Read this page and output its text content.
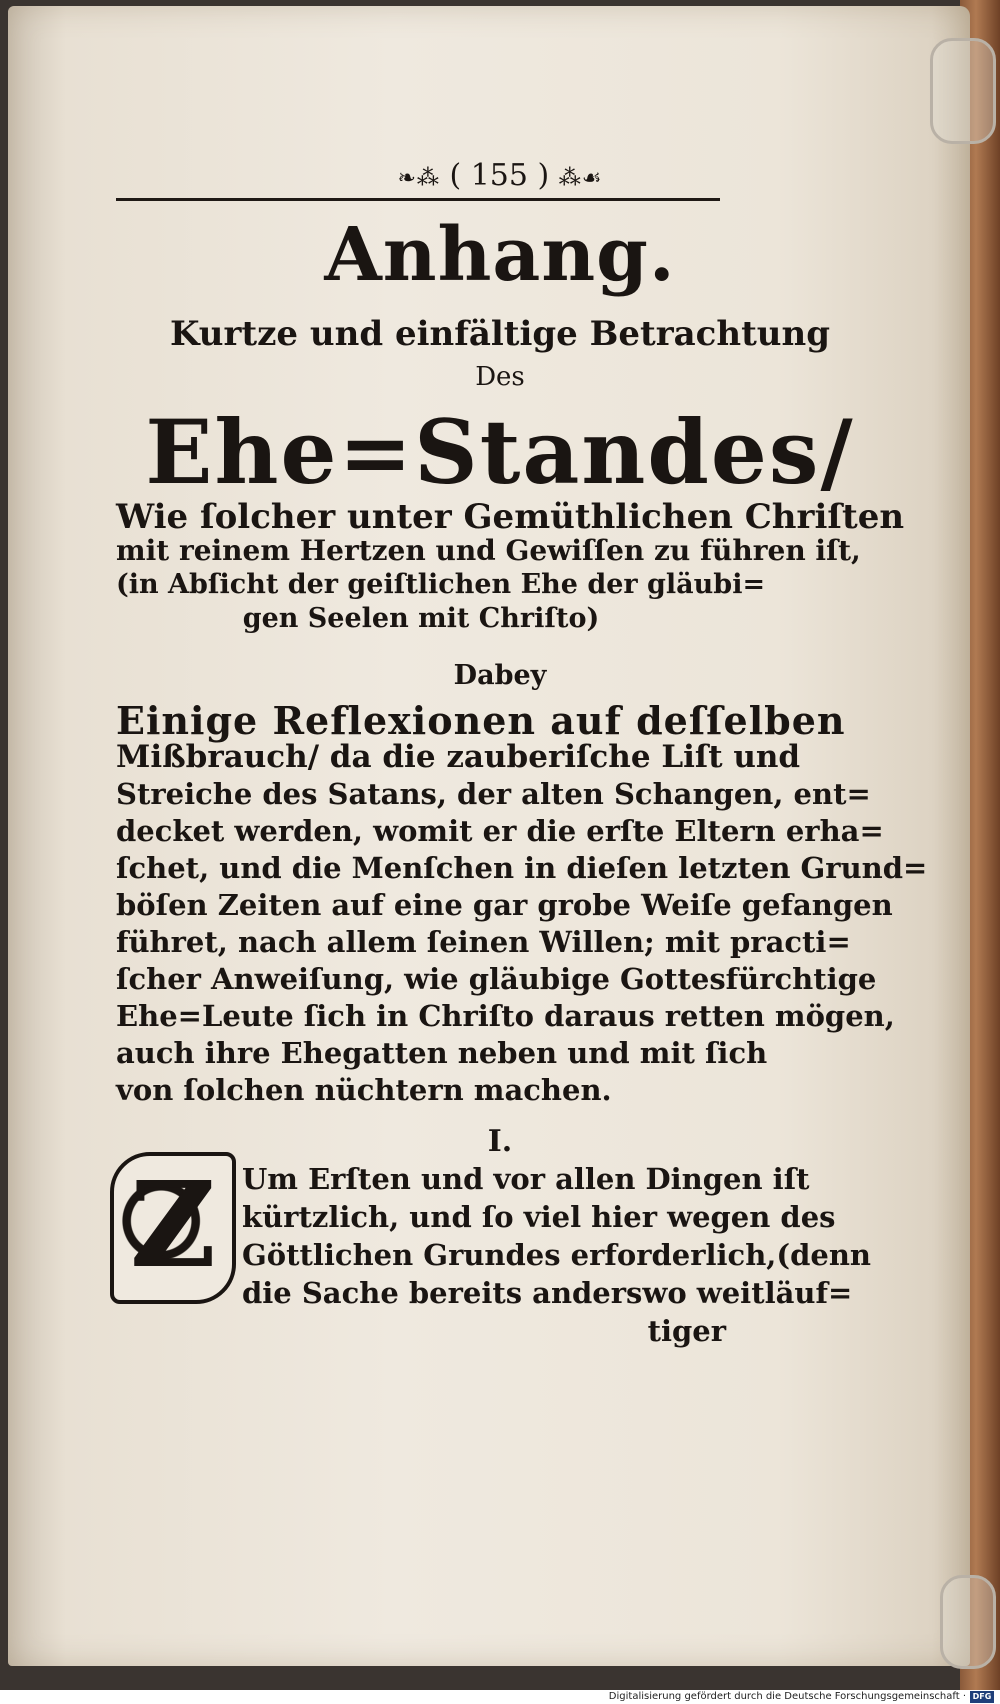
❧⁂ ( 155 ) ⁂☙
Anhang.
Kurtze und einfältige Betrachtung
Des
Ehe=Standes/
Wie ſolcher unter Gemüthlichen Chriſten
mit reinem Hertzen und Gewiſſen zu führen iſt,
(in Abſicht der geiſtlichen Ehe der gläubi=
gen Seelen mit Chriſto)
Dabey
Einige Reflexionen auf deſſelben
Mißbrauch/ da die zauberiſche Liſt und
Streiche des Satans, der alten Schangen, ent=
decket werden, womit er die erſte Eltern erha=
ſchet, und die Menſchen in dieſen letzten Grund=
böſen Zeiten auf eine gar grobe Weiſe gefangen
führet, nach allem ſeinen Willen; mit practi=
ſcher Anweiſung, wie gläubige Gottesfürchtige
Ehe=Leute ſich in Chriſto daraus retten mögen,
auch ihre Ehegatten neben und mit ſich
von ſolchen nüchtern machen.
I.
Z Um Erſten und vor allen Dingen iſt
kürtzlich, und ſo viel hier wegen des
Göttlichen Grundes erforderlich,(denn
die Sache bereits anderswo weitläuf=
tiger
Digitalisierung gefördert durch die Deutsche Forschungsgemeinschaft · DFG
